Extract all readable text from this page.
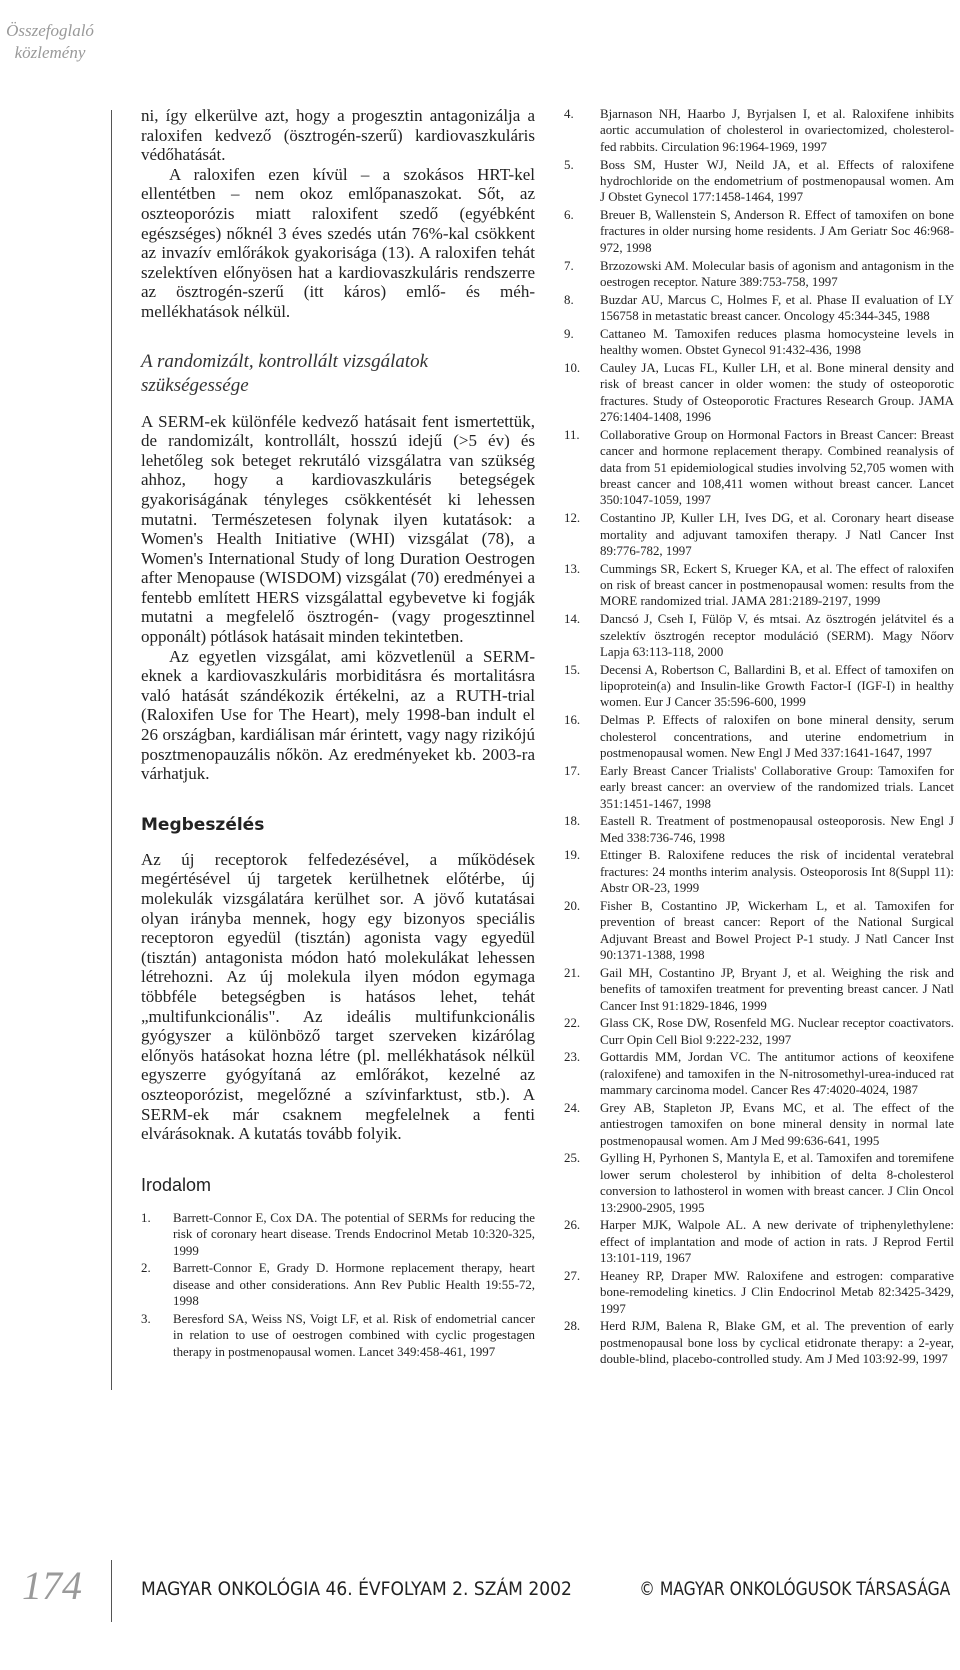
Összefoglaló közlemény

ni, így elkerülve azt, hogy a progesztin antagonizálja a raloxifen kedvező (ösztrogén-szerű) kardiovaszkuláris védőhatását.

A raloxifen ezen kívül – a szokásos HRT-kel ellentétben – nem okoz emlőpanaszokat. Sőt, az oszteoporózis miatt raloxifent szedő (egyébként egészséges) nőknél 3 éves szedés után 76%-kal csökkent az invazív emlőrákok gyakorisága (13). A raloxifen tehát szelektíven előnyösen hat a kardiovaszkuláris rendszerre az ösztrogén-szerű (itt káros) emlő- és méh-mellékhatások nélkül.

A randomizált, kontrollált vizsgálatok szükségessége

A SERM-ek különféle kedvező hatásait fent ismertettük, de randomizált, kontrollált, hosszú idejű (>5 év) és lehetőleg sok beteget rekrutáló vizsgálatra van szükség ahhoz, hogy a kardiovaszkuláris betegségek gyakoriságának tényleges csökkentését ki lehessen mutatni. Természetesen folynak ilyen kutatások: a Women's Health Initiative (WHI) vizsgálat (78), a Women's International Study of long Duration Oestrogen after Menopause (WISDOM) vizsgálat (70) eredményei a fentebb említett HERS vizsgálattal egybevetve ki fogják mutatni a megfelelő ösztrogén- (vagy progesztinnel opponált) pótlások hatásait minden tekintetben.

Az egyetlen vizsgálat, ami közvetlenül a SERM-eknek a kardiovaszkuláris morbiditásra és mortalitásra való hatását szándékozik értékelni, az a RUTH-trial (Raloxifen Use for The Heart), mely 1998-ban indult el 26 országban, kardiálisan már érintett, vagy nagy rizikójú posztmenopauzális nőkön. Az eredményeket kb. 2003-ra várhatjuk.

Megbeszélés

Az új receptorok felfedezésével, a működések megértésével új targetek kerülhetnek előtérbe, új molekulák vizsgálatára kerülhet sor. A jövő kutatásai olyan irányba mennek, hogy egy bizonyos speciális receptoron egyedül (tisztán) agonista vagy egyedül (tisztán) antagonista módon ható molekulákat lehessen létrehozni. Az új molekula ilyen módon egymaga többféle betegségben is hatásos lehet, tehát „multifunkcionális". Az ideális multifunkcionális gyógyszer a különböző target szerveken kizárólag előnyös hatásokat hozna létre (pl. mellékhatások nélkül egyszerre gyógyítaná az emlőrákot, kezelné az oszteoporózist, megelőzné a szívinfarktust, stb.). A SERM-ek már csaknem megfelelnek a fenti elvárásoknak. A kutatás tovább folyik.

Irodalom
1. Barrett-Connor E, Cox DA. The potential of SERMs for reducing the risk of coronary heart disease. Trends Endocrinol Metab 10:320-325, 1999
2. Barrett-Connor E, Grady D. Hormone replacement therapy, heart disease and other considerations. Ann Rev Public Health 19:55-72, 1998
3. Beresford SA, Weiss NS, Voigt LF, et al. Risk of endometrial cancer in relation to use of oestrogen combined with cyclic progestagen therapy in postmenopausal women. Lancet 349:458-461, 1997
4. Bjarnason NH, Haarbo J, Byrjalsen I, et al. Raloxifene inhibits aortic accumulation of cholesterol in ovariectomized, cholesterol-fed rabbits. Circulation 96:1964-1969, 1997
5. Boss SM, Huster WJ, Neild JA, et al. Effects of raloxifene hydrochloride on the endometrium of postmenopausal women. Am J Obstet Gynecol 177:1458-1464, 1997
6. Breuer B, Wallenstein S, Anderson R. Effect of tamoxifen on bone fractures in older nursing home residents. J Am Geriatr Soc 46:968-972, 1998
7. Brzozowski AM. Molecular basis of agonism and antagonism in the oestrogen receptor. Nature 389:753-758, 1997
8. Buzdar AU, Marcus C, Holmes F, et al. Phase II evaluation of LY 156758 in metastatic breast cancer. Oncology 45:344-345, 1988
9. Cattaneo M. Tamoxifen reduces plasma homocysteine levels in healthy women. Obstet Gynecol 91:432-436, 1998
10. Cauley JA, Lucas FL, Kuller LH, et al. Bone mineral density and risk of breast cancer in older women: the study of osteoporotic fractures. Study of Osteoporotic Fractures Research Group. JAMA 276:1404-1408, 1996
11. Collaborative Group on Hormonal Factors in Breast Cancer: Breast cancer and hormone replacement therapy. Combined reanalysis of data from 51 epidemiological studies involving 52,705 women with breast cancer and 108,411 women without breast cancer. Lancet 350:1047-1059, 1997
12. Costantino JP, Kuller LH, Ives DG, et al. Coronary heart disease mortality and adjuvant tamoxifen therapy. J Natl Cancer Inst 89:776-782, 1997
13. Cummings SR, Eckert S, Krueger KA, et al. The effect of raloxifen on risk of breast cancer in postmenopausal women: results from the MORE randomized trial. JAMA 281:2189-2197, 1999
14. Dancsó J, Cseh I, Fülöp V, és mtsai. Az ösztrogén jelátvitel és a szelektív ösztrogén receptor moduláció (SERM). Magy Nőorv Lapja 63:113-118, 2000
15. Decensi A, Robertson C, Ballardini B, et al. Effect of tamoxifen on lipoprotein(a) and Insulin-like Growth Factor-I (IGF-I) in healthy women. Eur J Cancer 35:596-600, 1999
16. Delmas P. Effects of raloxifen on bone mineral density, serum cholesterol concentrations, and uterine endometrium in postmenopausal women. New Engl J Med 337:1641-1647, 1997
17. Early Breast Cancer Trialists' Collaborative Group: Tamoxifen for early breast cancer: an overview of the randomized trials. Lancet 351:1451-1467, 1998
18. Eastell R. Treatment of postmenopausal osteoporosis. New Engl J Med 338:736-746, 1998
19. Ettinger B. Raloxifene reduces the risk of incidental veratebral fractures: 24 months interim analysis. Osteoporosis Int 8(Suppl 11): Abstr OR-23, 1999
20. Fisher B, Costantino JP, Wickerham L, et al. Tamoxifen for prevention of breast cancer: Report of the National Surgical Adjuvant Breast and Bowel Project P-1 study. J Natl Cancer Inst 90:1371-1388, 1998
21. Gail MH, Costantino JP, Bryant J, et al. Weighing the risk and benefits of tamoxifen treatment for preventing breast cancer. J Natl Cancer Inst 91:1829-1846, 1999
22. Glass CK, Rose DW, Rosenfeld MG. Nuclear receptor coactivators. Curr Opin Cell Biol 9:222-232, 1997
23. Gottardis MM, Jordan VC. The antitumor actions of keoxifene (raloxifene) and tamoxifen in the N-nitrosomethyl-urea-induced rat mammary carcinoma model. Cancer Res 47:4020-4024, 1987
24. Grey AB, Stapleton JP, Evans MC, et al. The effect of the antiestrogen tamoxifen on bone mineral density in normal late postmenopausal women. Am J Med 99:636-641, 1995
25. Gylling H, Pyrhonen S, Mantyla E, et al. Tamoxifen and toremifene lower serum cholesterol by inhibition of delta 8-cholesterol conversion to lathosterol in women with breast cancer. J Clin Oncol 13:2900-2905, 1995
26. Harper MJK, Walpole AL. A new derivate of triphenylethylene: effect of implantation and mode of action in rats. J Reprod Fertil 13:101-119, 1967
27. Heaney RP, Draper MW. Raloxifene and estrogen: comparative bone-remodeling kinetics. J Clin Endocrinol Metab 82:3425-3429, 1997
28. Herd RJM, Balena R, Blake GM, et al. The prevention of early postmenopausal bone loss by cyclical etidronate therapy: a 2-year, double-blind, placebo-controlled study. Am J Med 103:92-99, 1997
174	MAGYAR ONKOLÓGIA 46. ÉVFOLYAM 2. SZÁM 2002	© MAGYAR ONKOLÓGUSOK TÁRSASÁGA
